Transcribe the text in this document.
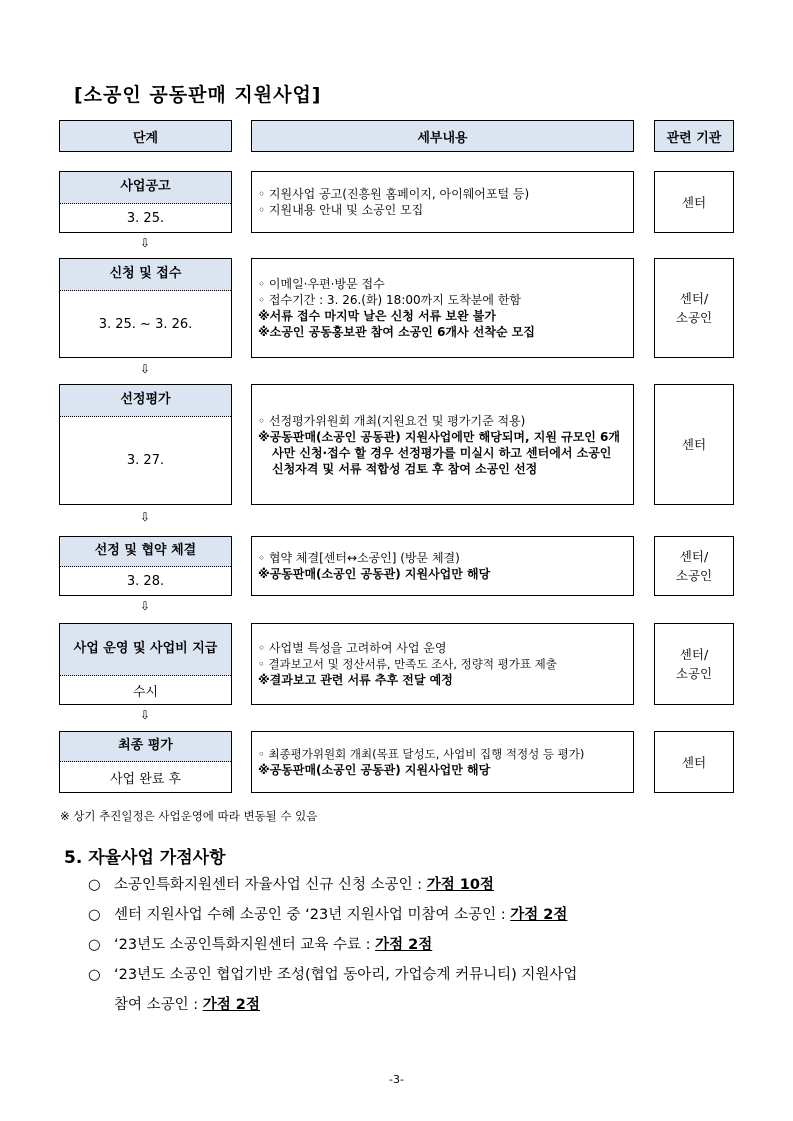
[소공인 공동판매 지원사업]
단계	세부내용	관련 기관
사업공고
3. 25.
◦ 지원사업 공고(진흥원 홈페이지, 아이웨어포털 등)
◦ 지원내용 안내 및 소공인 모집
센터
⇩
신청 및 접수
3. 25. ~ 3. 26.
◦ 이메일·우편·방문 접수
◦ 접수기간 : 3. 26.(화) 18:00까지 도착분에 한함
※서류 접수 마지막 날은 신청 서류 보완 불가
※소공인 공동홍보관 참여 소공인 6개사 선착순 모집
센터/
소공인
⇩
선정평가
3. 27.
◦ 선정평가위원회 개최(지원요건 및 평가기준 적용)
※공동판매(소공인 공동관) 지원사업에만 해당되며, 지원 규모인 6개사만 신청·접수 할 경우 선정평가를 미실시 하고 센터에서 소공인 신청자격 및 서류 적합성 검토 후 참여 소공인 선정
센터
⇩
선정 및 협약 체결
3. 28.
◦ 협약 체결[센터↔소공인] (방문 체결)
※공동판매(소공인 공동관) 지원사업만 해당
센터/
소공인
⇩
사업 운영 및 사업비 지급
수시
◦ 사업별 특성을 고려하여 사업 운영
◦ 결과보고서 및 정산서류, 만족도 조사, 정량적 평가표 제출
※결과보고 관련 서류 추후 전달 예정
센터/
소공인
⇩
최종 평가
사업 완료 후
◦ 최종평가위원회 개최(목표 달성도, 사업비 집행 적정성 등 평가)
※공동판매(소공인 공동관) 지원사업만 해당
센터
※ 상기 추진일정은 사업운영에 따라 변동될 수 있음
5. 자율사업 가점사항
○ 소공인특화지원센터 자율사업 신규 신청 소공인 : 가점 10점
○ 센터 지원사업 수혜 소공인 중 ‘23년 지원사업 미참여 소공인 : 가점 2점
○ ‘23년도 소공인특화지원센터 교육 수료 : 가점 2점
○ ‘23년도 소공인 협업기반 조성(협업 동아리, 가업승계 커뮤니티) 지원사업
참여 소공인 : 가점 2점
-3-
